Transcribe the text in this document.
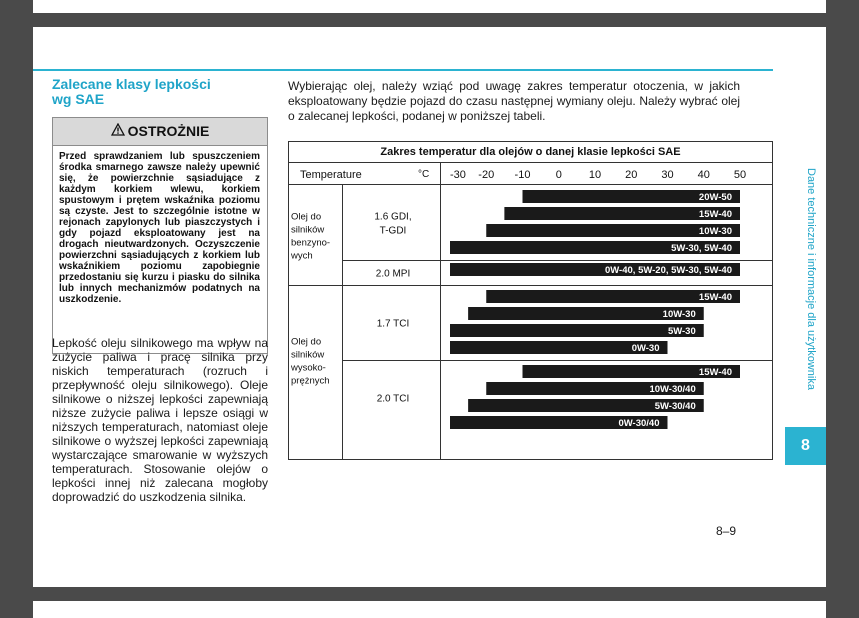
Zalecane klasy lepkości
wg SAE
OSTROŻNIE
Przed sprawdzaniem lub spuszczeniem środka smarnego zawsze należy upewnić się, że powierzchnie sąsiadujące z każdym korkiem wlewu, korkiem spustowym i prętem wskaźnika poziomu są czyste. Jest to szczególnie istotne w rejonach zapylonych lub piaszczystych i gdy pojazd eksploatowany jest na drogach nieutwardzonych. Oczyszczenie powierzchni sąsiadujących z korkiem lub wskaźnikiem poziomu zapobiegnie przedostaniu się kurzu i piasku do silnika lub innych mechanizmów podatnych na uszkodzenie.
Lepkość oleju silnikowego ma wpływ na zużycie paliwa i pracę silnika przy niskich temperaturach (rozruch i przepływność oleju silnikowego). Oleje silnikowe o niższej lepkości zapewniają niższe zużycie paliwa i lepsze osiągi w niższych temperaturach, natomiast oleje silnikowe o wyższej lepkości zapewniają wystarczające smarowanie w wyższych temperaturach. Stosowanie olejów o lepkości innej niż zalecana mogłoby doprowadzić do uszkodzenia silnika.
Wybierając olej, należy wziąć pod uwagę zakres temperatur otoczenia, w jakich eksploatowany będzie pojazd do czasu następnej wymiany oleju. Należy wybrać olej o zalecanej lepkości, podanej w poniższej tabeli.
Zakres temperatur dla olejów o danej klasie lepkości SAE
Temperature	°C -30 -20 -10 0 10 20 30 40 50
20W-50
15W-40
10W-30
5W-30, 5W-40
0W-40, 5W-20, 5W-30, 5W-40
15W-40
10W-30
5W-30
0W-30
15W-40
10W-30/40
5W-30/40
0W-30/40
Olej do
silników
benzyno-
wych
Olej do
silników
wysoko-
prężnych
1.6 GDI,
T-GDI
2.0 MPI
1.7 TCI
2.0 TCI
Dane techniczne i informacje dla użytkownika
8
8–9
